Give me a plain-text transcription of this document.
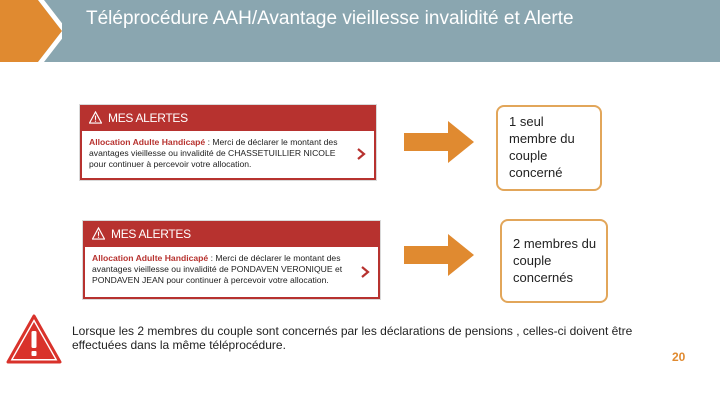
Téléprocédure AAH/Avantage vieillesse invalidité et Alerte
MES ALERTES
Allocation Adulte Handicapé : Merci de déclarer le montant des avantages vieillesse ou invalidité de CHASSETUILLIER NICOLE pour continuer à percevoir votre allocation.
MES ALERTES
Allocation Adulte Handicapé : Merci de déclarer le montant des avantages vieillesse ou invalidité de PONDAVEN VERONIQUE et PONDAVEN JEAN pour continuer à percevoir votre allocation.
1 seul membre du couple concerné
2 membres du couple concernés
Lorsque les 2 membres du couple sont concernés par les déclarations de pensions , celles-ci doivent être effectuées dans la même téléprocédure.
20
